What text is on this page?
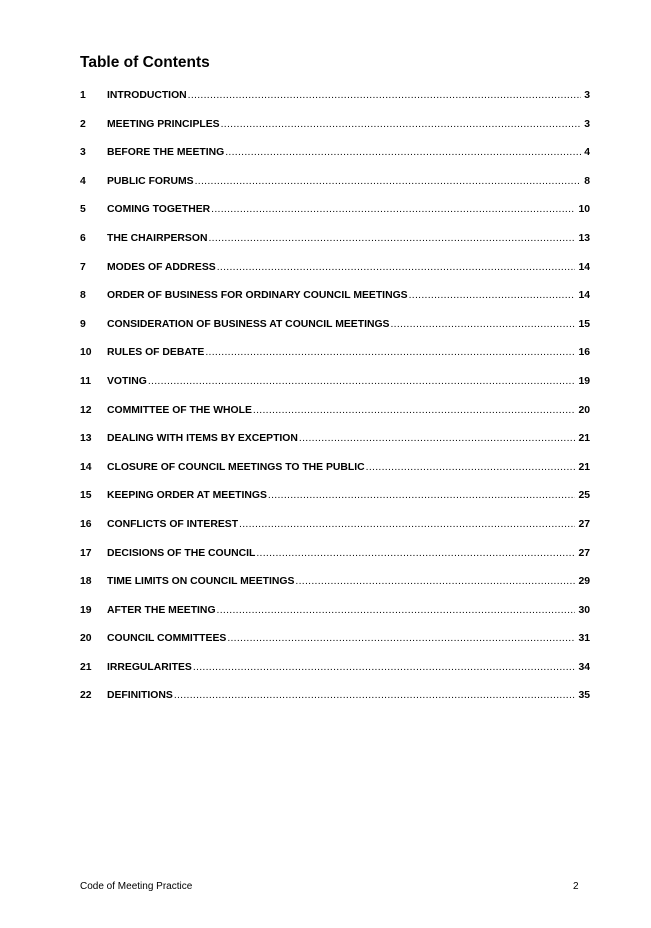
Table of Contents
1	INTRODUCTION .....	3
2	MEETING PRINCIPLES .....	3
3	BEFORE THE MEETING .....	4
4	PUBLIC FORUMS .....	8
5	COMING TOGETHER .....	10
6	THE CHAIRPERSON .....	13
7	MODES OF ADDRESS .....	14
8	ORDER OF BUSINESS FOR ORDINARY COUNCIL MEETINGS .....	14
9	CONSIDERATION OF BUSINESS AT COUNCIL MEETINGS .....	15
10	RULES OF DEBATE .....	16
11	VOTING .....	19
12	COMMITTEE OF THE WHOLE .....	20
13	DEALING WITH ITEMS BY EXCEPTION .....	21
14	CLOSURE OF COUNCIL MEETINGS TO THE PUBLIC .....	21
15	KEEPING ORDER AT MEETINGS .....	25
16	CONFLICTS OF INTEREST .....	27
17	DECISIONS OF THE COUNCIL .....	27
18	TIME LIMITS ON COUNCIL MEETINGS .....	29
19	AFTER THE MEETING .....	30
20	COUNCIL COMMITTEES .....	31
21	IRREGULARITES .....	34
22	DEFINITIONS .....	35
Code of Meeting Practice	2
